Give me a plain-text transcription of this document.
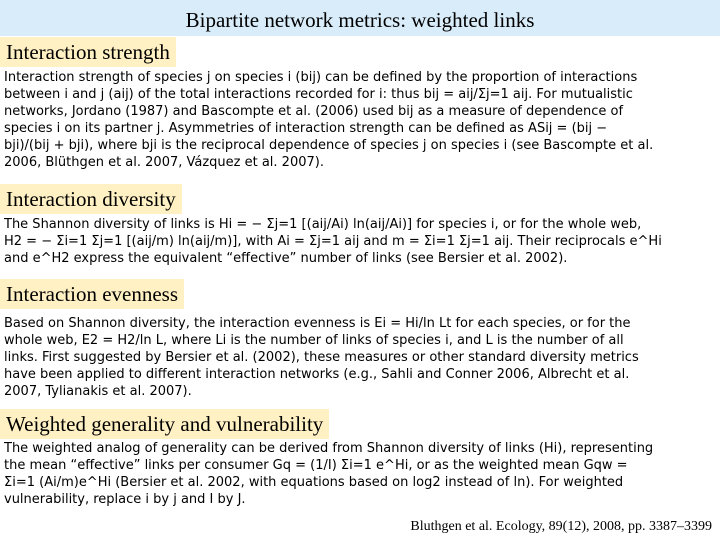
Bipartite network metrics: weighted links
Interaction strength
Interaction strength of species j on species i (bij) can be defined by the proportion of interactions
between i and j (aij) of the total interactions recorded for i: thus bij = aij/Σj=1 aij. For mutualistic
networks, Jordano (1987) and Bascompte et al. (2006) used bij as a measure of dependence of
species i on its partner j. Asymmetries of interaction strength can be defined as ASij = (bij −
bji)/(bij + bji), where bji is the reciprocal dependence of species j on species i (see Bascompte et al.
2006, Blüthgen et al. 2007, Vázquez et al. 2007).
Interaction diversity
The Shannon diversity of links is Hi = − Σj=1 [(aij/Ai) ln(aij/Ai)] for species i, or for the whole web,
H2 = − Σi=1 Σj=1 [(aij/m) ln(aij/m)], with Ai = Σj=1 aij and m = Σi=1 Σj=1 aij. Their reciprocals e^Hi
and e^H2 express the equivalent “effective” number of links (see Bersier et al. 2002).
Interaction evenness
Based on Shannon diversity, the interaction evenness is Ei = Hi/ln Lt for each species, or for the
whole web, E2 = H2/ln L, where Li is the number of links of species i, and L is the number of all
links. First suggested by Bersier et al. (2002), these measures or other standard diversity metrics
have been applied to different interaction networks (e.g., Sahli and Conner 2006, Albrecht et al.
2007, Tylianakis et al. 2007).
Weighted generality and vulnerability
The weighted analog of generality can be derived from Shannon diversity of links (Hi), representing
the mean “effective” links per consumer Gq = (1/I) Σi=1 e^Hi, or as the weighted mean Gqw =
Σi=1 (Ai/m)e^Hi (Bersier et al. 2002, with equations based on log2 instead of ln). For weighted
vulnerability, replace i by j and I by J.
Bluthgen et al. Ecology, 89(12), 2008, pp. 3387–3399
